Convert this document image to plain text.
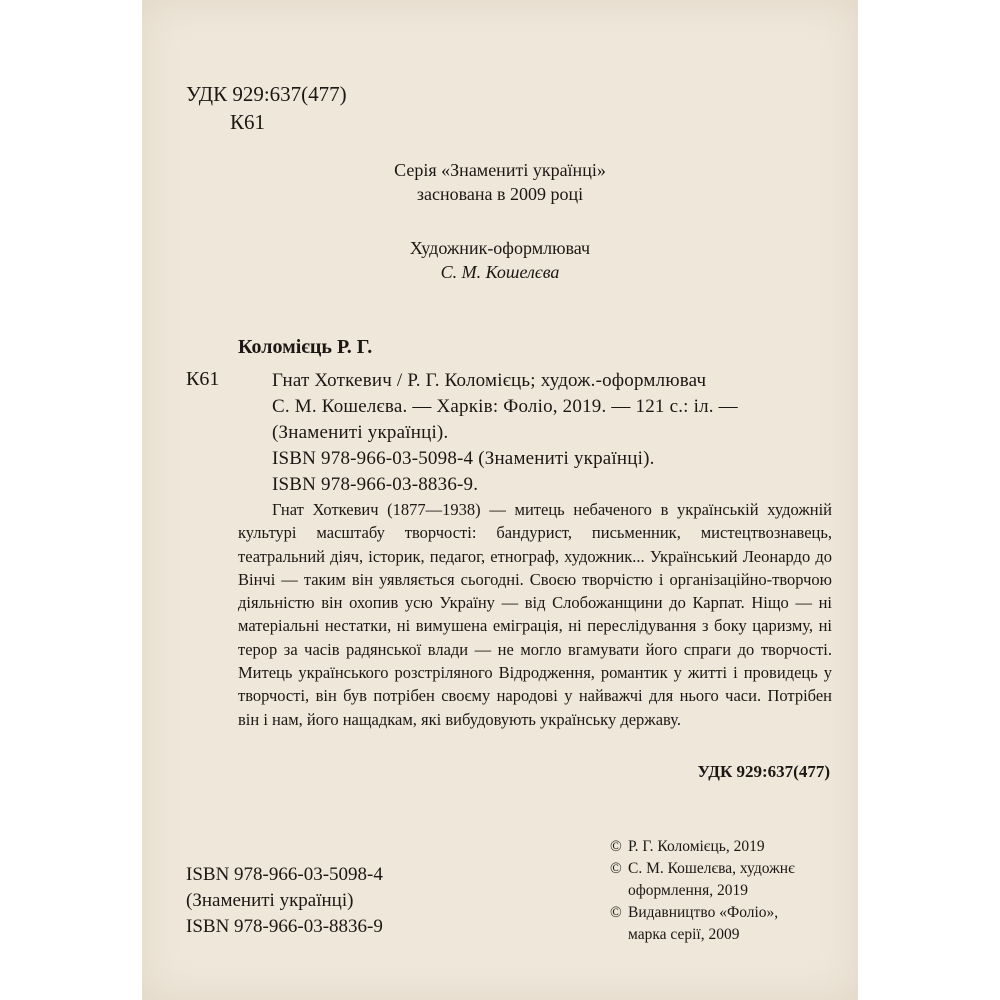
УДК 929:637(477)
К61
Серія «Знамениті українці»
заснована в 2009 році
Художник-оформлювач
С. М. Кошелєва
Коломієць Р. Г.
К61	Гнат Хоткевич / Р. Г. Коломієць; худож.-оформлювач
С. М. Кошелєва. — Харків: Фоліо, 2019. — 121 с.: іл. —
(Знамениті українці).
ISBN 978-966-03-5098-4 (Знамениті українці).
ISBN 978-966-03-8836-9.
Гнат Хоткевич (1877—1938) — митець небаченого в українській художній культурі масштабу творчості: бандурист, письменник, мистецтвознавець, театральний діяч, історик, педагог, етнограф, художник... Український Леонардо до Вінчі — таким він уявляється сьогодні. Своєю творчістю і організаційно-творчою діяльністю він охопив усю Україну — від Слобожанщини до Карпат. Ніщо — ні матеріальні нестатки, ні вимушена еміграція, ні переслідування з боку царизму, ні терор за часів радянської влади — не могло вгамувати його спраги до творчості. Митець українського розстріляного Відродження, романтик у житті і провидець у творчості, він був потрібен своєму народові у найважчі для нього часи. Потрібен він і нам, його нащадкам, які вибудовують українську державу.
УДК 929:637(477)
ISBN 978-966-03-5098-4
(Знамениті українці)
ISBN 978-966-03-8836-9
© Р. Г. Коломієць, 2019
© С. М. Кошелєва, художнє
оформлення, 2019
© Видавництво «Фоліо»,
марка серії, 2009
